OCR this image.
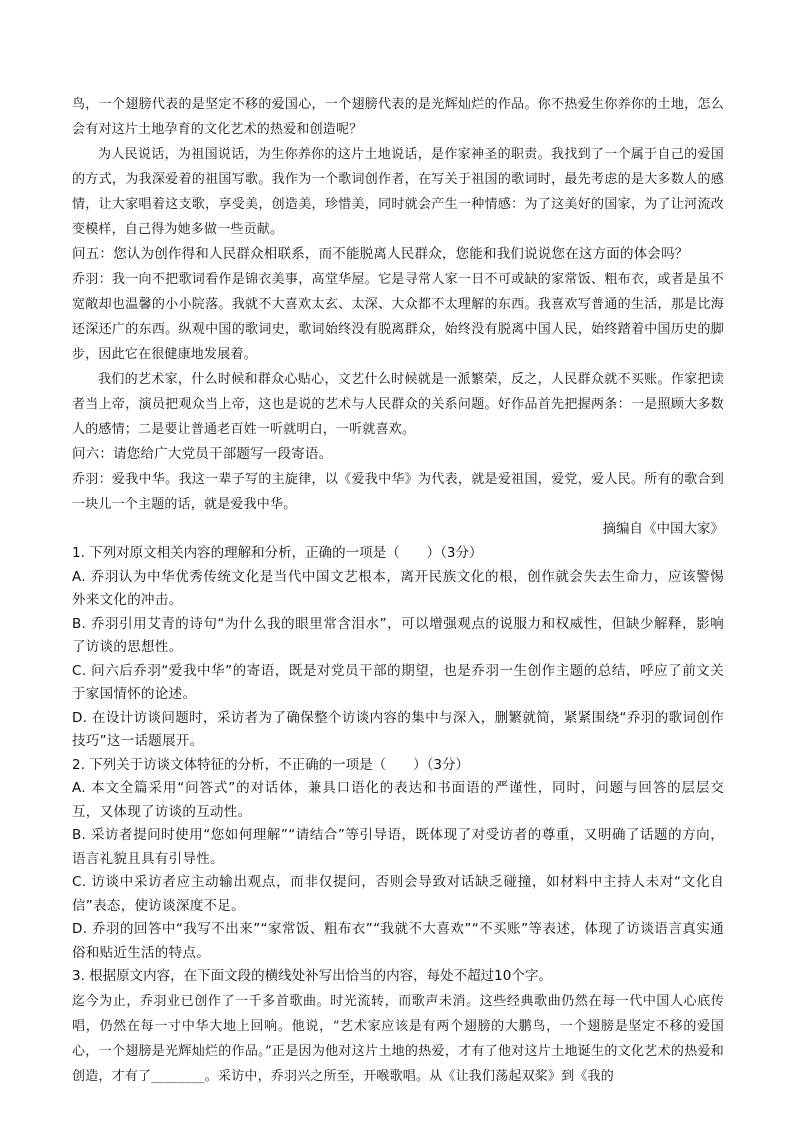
鸟，一个翅膀代表的是坚定不移的爱国心，一个翅膀代表的是光辉灿烂的作品。你不热爱生你养你的土地，怎么会有对这片土地孕育的文化艺术的热爱和创造呢？

为人民说话，为祖国说话，为生你养你的这片土地说话，是作家神圣的职责。我找到了一个属于自己的爱国的方式，为我深爱着的祖国写歌。我作为一个歌词创作者，在写关于祖国的歌词时，最先考虑的是大多数人的感情，让大家唱着这支歌，享受美，创造美，珍惜美，同时就会产生一种情感：为了这美好的国家，为了让河流改变模样，自己得为她多做一些贡献。

问五：您认为创作得和人民群众相联系，而不能脱离人民群众，您能和我们说说您在这方面的体会吗？

乔羽：我一向不把歌词看作是锦衣美事，高堂华屋。它是寻常人家一日不可或缺的家常饭、粗布衣，或者是虽不宽敞却也温馨的小小院落。我就不大喜欢太玄、太深、大众都不太理解的东西。我喜欢写普通的生活，那是比海还深还广的东西。纵观中国的歌词史，歌词始终没有脱离群众，始终没有脱离中国人民，始终踏着中国历史的脚步，因此它在很健康地发展着。

我们的艺术家，什么时候和群众心贴心，文艺什么时候就是一派繁荣，反之，人民群众就不买账。作家把读者当上帝，演员把观众当上帝，这也是说的艺术与人民群众的关系问题。好作品首先把握两条：一是照顾大多数人的感情；二是要让普通老百姓一听就明白，一听就喜欢。

问六：请您给广大党员干部题写一段寄语。

乔羽：爱我中华。我这一辈子写的主旋律，以《爱我中华》为代表，就是爱祖国，爱党，爱人民。所有的歌合到一块儿一个主题的话，就是爱我中华。

摘编自《中国大家》

1. 下列对原文相关内容的理解和分析，正确的一项是（　　）（3分）

A. 乔羽认为中华优秀传统文化是当代中国文艺根本，离开民族文化的根，创作就会失去生命力，应该警惕外来文化的冲击。

B. 乔羽引用艾青的诗句“为什么我的眼里常含泪水”，可以增强观点的说服力和权威性，但缺少解释，影响了访谈的思想性。

C. 问六后乔羽“爱我中华”的寄语，既是对党员干部的期望，也是乔羽一生创作主题的总结，呼应了前文关于家国情怀的论述。

D. 在设计访谈问题时，采访者为了确保整个访谈内容的集中与深入，删繁就简，紧紧围绕“乔羽的歌词创作技巧”这一话题展开。

2. 下列关于访谈文体特征的分析，不正确的一项是（　　）（3分）

A. 本文全篇采用“问答式”的对话体，兼具口语化的表达和书面语的严谨性，同时，问题与回答的层层交互，又体现了访谈的互动性。

B. 采访者提问时使用“您如何理解”“请结合”等引导语，既体现了对受访者的尊重，又明确了话题的方向，语言礼貌且具有引导性。

C. 访谈中采访者应主动输出观点，而非仅提问，否则会导致对话缺乏碰撞，如材料中主持人未对“文化自信”表态，使访谈深度不足。

D. 乔羽的回答中“我写不出来”“家常饭、粗布衣”“我就不大喜欢”“不买账”等表述，体现了访谈语言真实通俗和贴近生活的特点。

3. 根据原文内容，在下面文段的横线处补写出恰当的内容，每处不超过10个字。

迄今为止，乔羽业已创作了一千多首歌曲。时光流转，而歌声未消。这些经典歌曲仍然在每一代中国人心底传唱，仍然在每一寸中华大地上回响。他说，“艺术家应该是有两个翅膀的大鹏鸟，一个翅膀是坚定不移的爱国心，一个翅膀是光辉灿烂的作品。”正是因为他对这片土地的热爱，才有了他对这片土地诞生的文化艺术的热爱和创造，才有了________。采访中，乔羽兴之所至，开喉歌唱。从《让我们荡起双桨》到《我的
